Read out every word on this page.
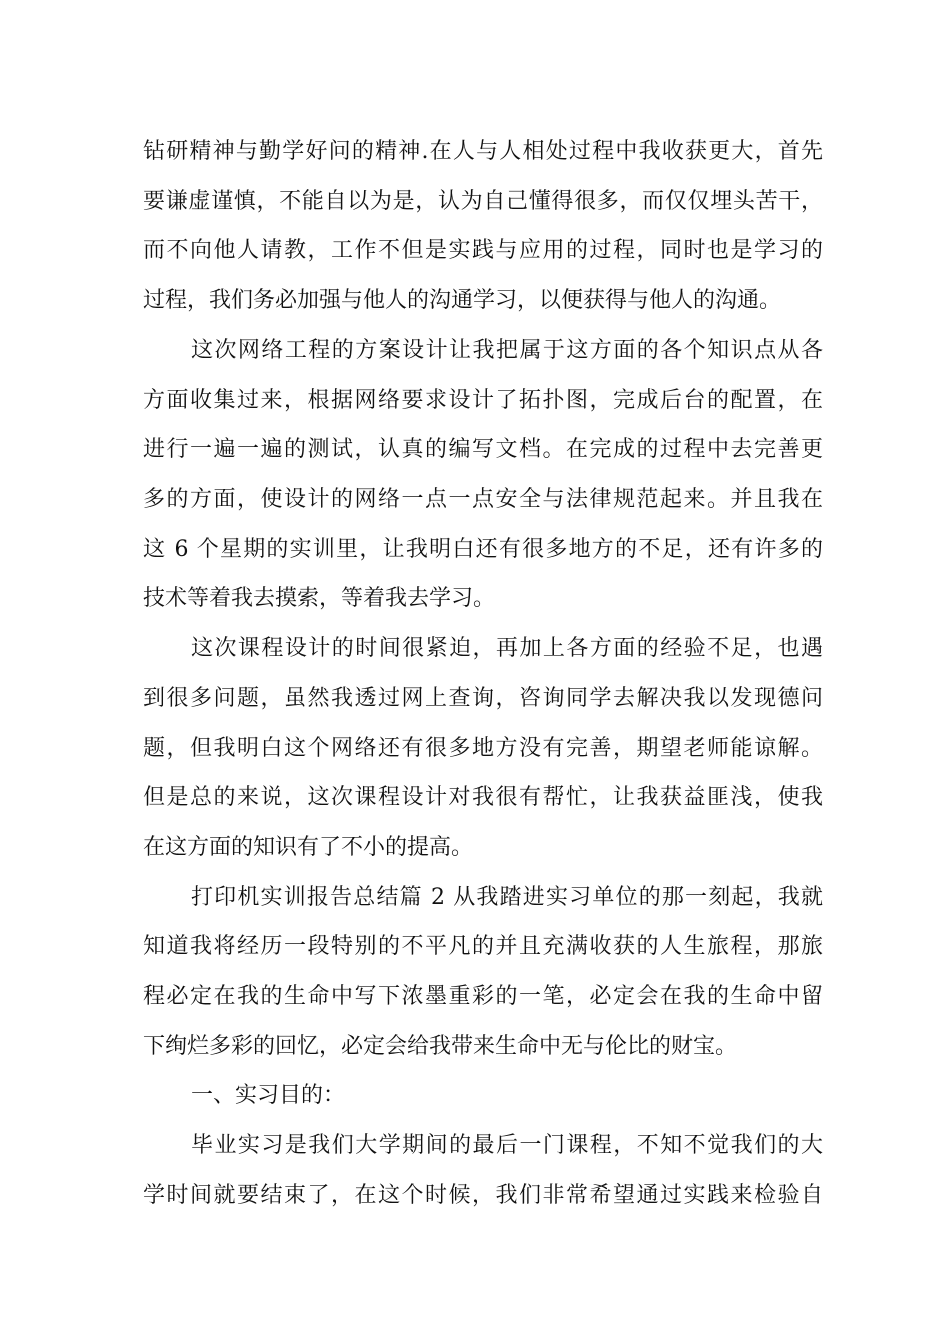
钻研精神与勤学好问的精神.在人与人相处过程中我收获更大，首先
要谦虚谨慎，不能自以为是，认为自己懂得很多，而仅仅埋头苦干，
而不向他人请教，工作不但是实践与应用的过程，同时也是学习的
过程，我们务必加强与他人的沟通学习，以便获得与他人的沟通。
这次网络工程的方案设计让我把属于这方面的各个知识点从各
方面收集过来，根据网络要求设计了拓扑图，完成后台的配置，在
进行一遍一遍的测试，认真的编写文档。在完成的过程中去完善更
多的方面，使设计的网络一点一点安全与法律规范起来。并且我在
这 6 个星期的实训里，让我明白还有很多地方的不足，还有许多的
技术等着我去摸索，等着我去学习。
这次课程设计的时间很紧迫，再加上各方面的经验不足，也遇
到很多问题，虽然我透过网上查询，咨询同学去解决我以发现德问
题，但我明白这个网络还有很多地方没有完善，期望老师能谅解。
但是总的来说，这次课程设计对我很有帮忙，让我获益匪浅，使我
在这方面的知识有了不小的提高。
打印机实训报告总结篇 2 从我踏进实习单位的那一刻起，我就
知道我将经历一段特别的不平凡的并且充满收获的人生旅程，那旅
程必定在我的生命中写下浓墨重彩的一笔，必定会在我的生命中留
下绚烂多彩的回忆，必定会给我带来生命中无与伦比的财宝。
一、实习目的：
毕业实习是我们大学期间的最后一门课程，不知不觉我们的大
学时间就要结束了，在这个时候，我们非常希望通过实践来检验自
